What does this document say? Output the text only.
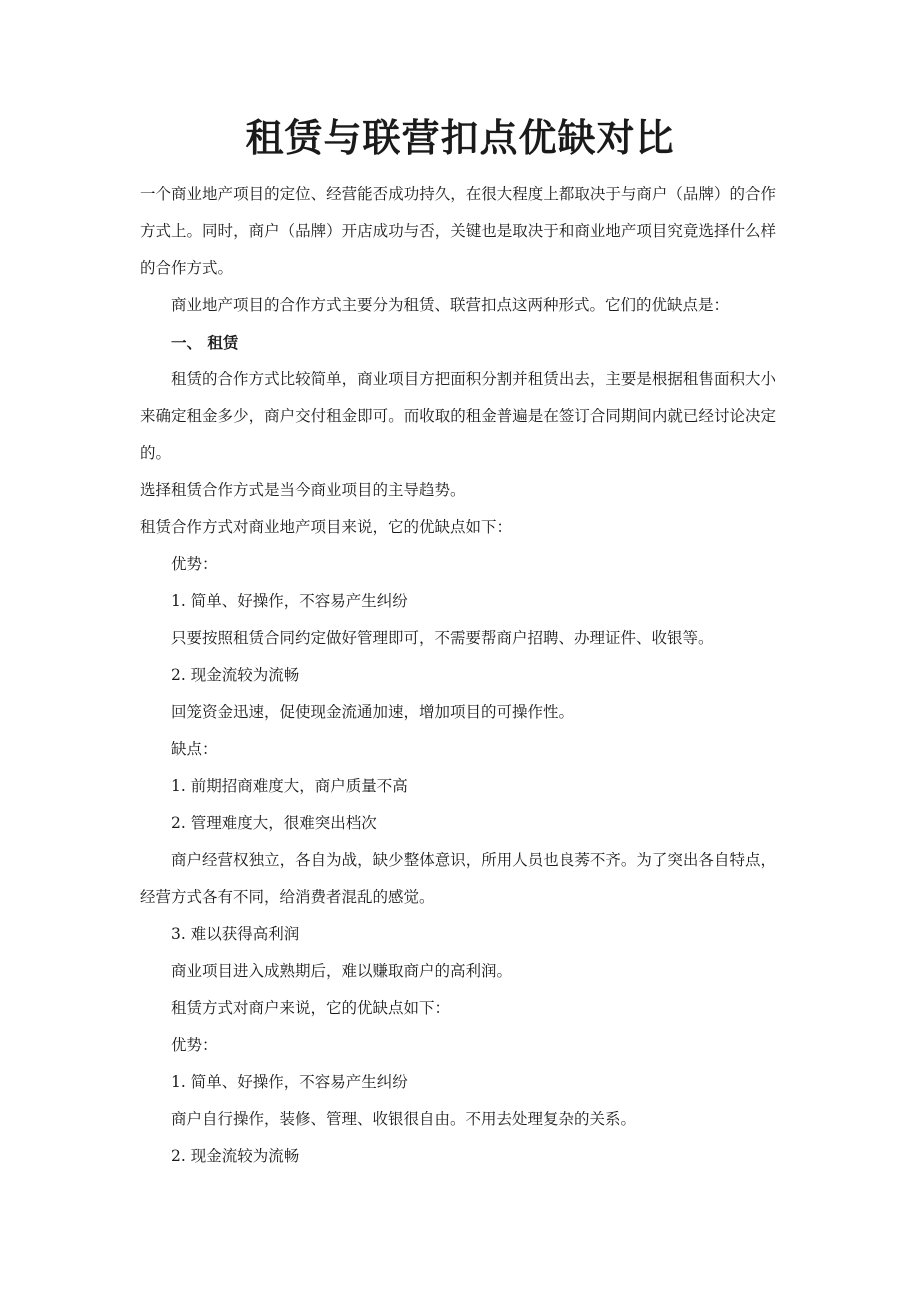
租赁与联营扣点优缺对比

一个商业地产项目的定位、经营能否成功持久，在很大程度上都取决于与商户（品牌）的合作方式上。同时，商户（品牌）开店成功与否，关键也是取决于和商业地产项目究竟选择什么样的合作方式。

商业地产项目的合作方式主要分为租赁、联营扣点这两种形式。它们的优缺点是：

一、 租赁

租赁的合作方式比较简单，商业项目方把面积分割并租赁出去，主要是根据租售面积大小来确定租金多少，商户交付租金即可。而收取的租金普遍是在签订合同期间内就已经讨论决定的。

选择租赁合作方式是当今商业项目的主导趋势。

租赁合作方式对商业地产项目来说，它的优缺点如下：

优势：

1. 简单、好操作，不容易产生纠纷

只要按照租赁合同约定做好管理即可，不需要帮商户招聘、办理证件、收银等。

2. 现金流较为流畅

回笼资金迅速，促使现金流通加速，增加项目的可操作性。

缺点：

1. 前期招商难度大，商户质量不高

2. 管理难度大，很难突出档次

商户经营权独立，各自为战，缺少整体意识，所用人员也良莠不齐。为了突出各自特点，经营方式各有不同，给消费者混乱的感觉。

3. 难以获得高利润

商业项目进入成熟期后，难以赚取商户的高利润。

租赁方式对商户来说，它的优缺点如下：

优势：

1. 简单、好操作，不容易产生纠纷

商户自行操作，装修、管理、收银很自由。不用去处理复杂的关系。

2. 现金流较为流畅
